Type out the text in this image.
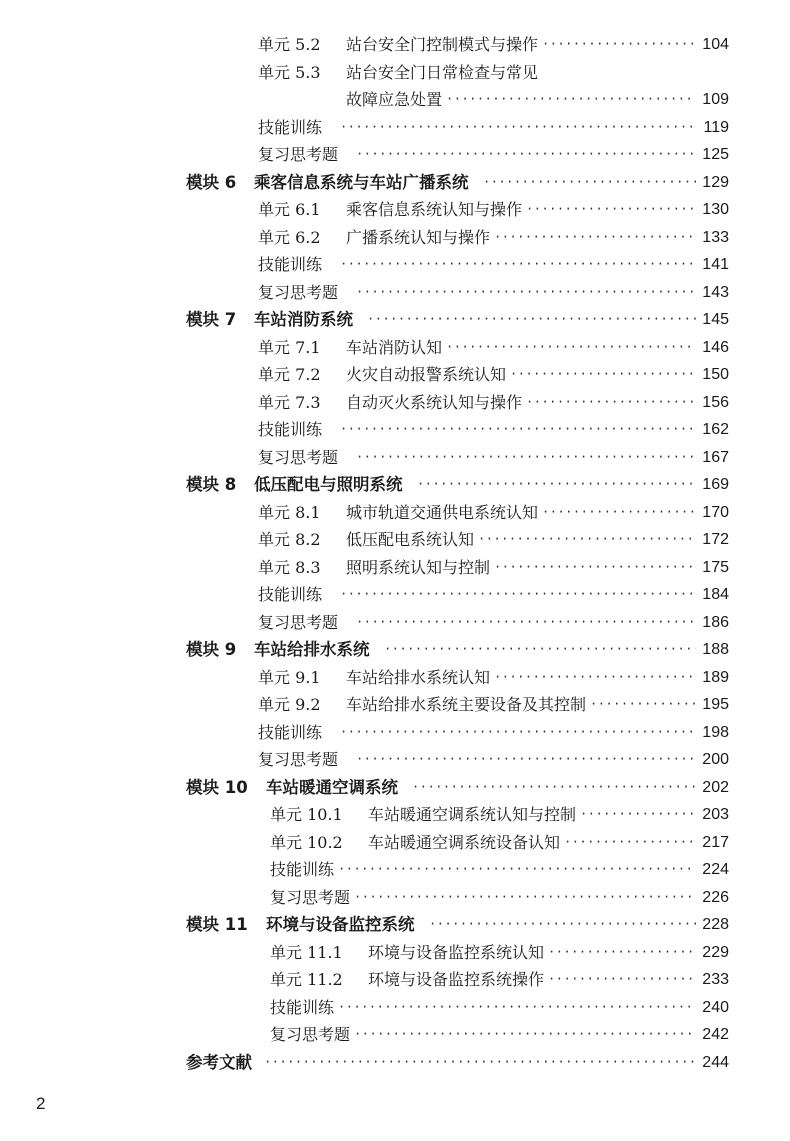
单元 5.2 站台安全门控制模式与操作	104
·····
单元 5.3 站台安全门日常检查与常见
故障应急处置	109
·····
技能训练	119
·····
复习思考题	125
·····
模块 6 乘客信息系统与车站广播系统	129
·····
单元 6.1 乘客信息系统认知与操作	130
·····
单元 6.2 广播系统认知与操作	133
·····
技能训练	141
·····
复习思考题	143
·····
模块 7 车站消防系统	145
·····
单元 7.1 车站消防认知	146
·····
单元 7.2 火灾自动报警系统认知	150
·····
单元 7.3 自动灭火系统认知与操作	156
·····
技能训练	162
·····
复习思考题	167
·····
模块 8 低压配电与照明系统	169
·····
单元 8.1 城市轨道交通供电系统认知	170
·····
单元 8.2 低压配电系统认知	172
·····
单元 8.3 照明系统认知与控制	175
·····
技能训练	184
·····
复习思考题	186
·····
模块 9 车站给排水系统	188
·····
单元 9.1 车站给排水系统认知	189
·····
单元 9.2 车站给排水系统主要设备及其控制	195
·····
技能训练	198
·····
复习思考题	200
·····
模块 10 车站暖通空调系统	202
·····
单元 10.1 车站暖通空调系统认知与控制	203
·····
单元 10.2 车站暖通空调系统设备认知	217
·····
技能训练	224
·····
复习思考题	226
·····
模块 11 环境与设备监控系统	228
·····
单元 11.1 环境与设备监控系统认知	229
·····
单元 11.2 环境与设备监控系统操作	233
·····
技能训练	240
·····
复习思考题	242
·····
参考文献	244
·····
2
